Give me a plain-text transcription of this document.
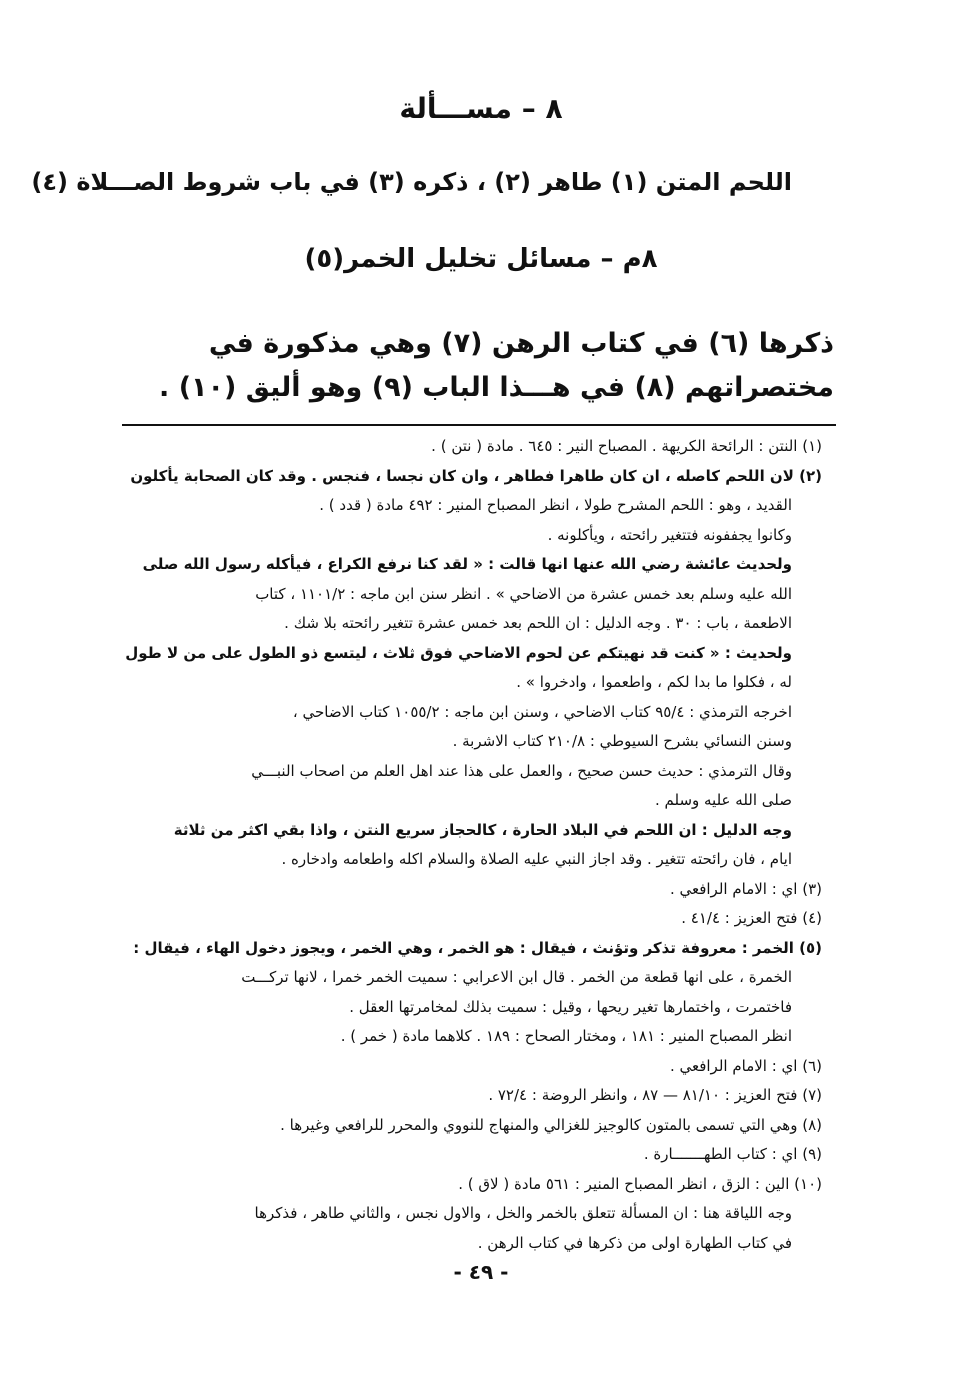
٨ – مســـألة
اللحم المتن (١) طاهر (٢) ، ذكره (٣) في باب شروط الصـــلاة (٤)
٨م – مسائل تخليل الخمر(٥)
ذكرها (٦) في كتاب الرهن (٧) وهي مذكورة في مختصراتهم (٨) في هـــذا الباب (٩) وهو أليق (١٠) .
(١) النتن : الرائحة الكريهة . المصباح النير : ٦٤٥ . مادة ( نتن ) .
(٢) لان اللحم كاصله ، ان كان طاهرا فطاهر ، وان كان نجسا ، فنجس . وقد كان الصحابة يأكلون
القديد ، وهو : اللحم المشرح طولا ، انظر المصباح المنير : ٤٩٢ مادة ( قدد ) .
وكانوا يجففونه فتتغير رائحته ، ويأكلونه .
ولحديث عائشة رضي الله عنها انها قالت : « لقد كنا نرفع الكراع ، فيأكله رسول الله صلى
الله عليه وسلم بعد خمس عشرة من الاضاحي » . انظر سنن ابن ماجه : ١١٠١/٢ ، كتاب
الاطعمة ، باب : ٣٠ . وجه الدليل : ان اللحم بعد خمس عشرة تتغير رائحته بلا شك .
ولحديث : « كنت قد نهيتكم عن لحوم الاضاحي فوق ثلاث ، ليتسع ذو الطول على من لا طول
له ، فكلوا ما بدا لكم ، واطعموا ، وادخروا » .
اخرجه الترمذي : ٩٥/٤ كتاب الاضاحي ، وسنن ابن ماجه : ١٠٥٥/٢ كتاب الاضاحي ،
وسنن النسائي بشرح السيوطي : ٢١٠/٨ كتاب الاشربة .
وقال الترمذي : حديث حسن صحيح ، والعمل على هذا عند اهل العلم من اصحاب النبـــي
صلى الله عليه وسلم .
وجه الدليل : ان اللحم في البلاد الحارة ، كالحجاز سريع النتن ، واذا بقي اكثر من ثلاثة
ايام ، فان رائحته تتغير . وقد اجاز النبي عليه الصلاة والسلام اكله واطعامه وادخاره .
(٣) اي : الامام الرافعي .
(٤) فتح العزيز : ٤١/٤ .
(٥) الخمر : معروفة تذكر وتؤنث ، فيقال : هو الخمر ، وهي الخمر ، ويجوز دخول الهاء ، فيقال :
الخمرة ، على انها قطعة من الخمر . قال ابن الاعرابي : سميت الخمر خمرا ، لانها تركـــت
فاختمرت ، واختمارها تغير ريحها ، وقيل : سميت بذلك لمخامرتها العقل .
انظر المصباح المنير : ١٨١ ، ومختار الصحاح : ١٨٩ . كلاهما مادة ( خمر ) .
(٦) اي : الامام الرافعي .
(٧) فتح العزيز : ٨١/١٠ — ٨٧ ، وانظر الروضة : ٧٢/٤ .
(٨) وهي التي تسمى بالمتون كالوجيز للغزالي والمنهاج للنووي والمحرر للرافعي وغيرها .
(٩) اي : كتاب الطهـــــــارة .
(١٠) الين : الزق ، انظر المصباح المنير : ٥٦١ مادة ( لاق ) .
وجه اللياقة هنا : ان المسألة تتعلق بالخمر والخل ، والاول نجس ، والثاني طاهر ، فذكرها
في كتاب الطهارة اولى من ذكرها في كتاب الرهن .
- ٤٩ -
